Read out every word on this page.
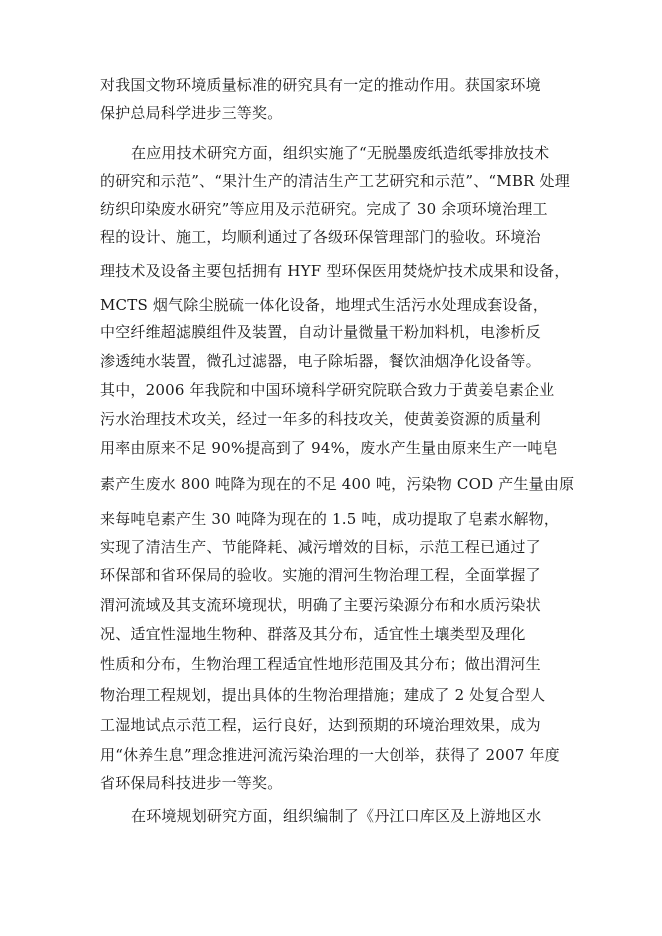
对我国文物环境质量标准的研究具有一定的推动作用。获国家环境
保护总局科学进步三等奖。
在应用技术研究方面，组织实施了“无脱墨废纸造纸零排放技术
的研究和示范”、“果汁生产的清洁生产工艺研究和示范”、“MBR 处理
纺织印染废水研究”等应用及示范研究。完成了 30 余项环境治理工
程的设计、施工，均顺利通过了各级环保管理部门的验收。环境治
理技术及设备主要包括拥有 HYF 型环保医用焚烧炉技术成果和设备，
MCTS 烟气除尘脱硫一体化设备，地埋式生活污水处理成套设备，
中空纤维超滤膜组件及装置，自动计量微量干粉加料机，电渗析反
渗透纯水装置，微孔过滤器，电子除垢器，餐饮油烟净化设备等。
其中，2006 年我院和中国环境科学研究院联合致力于黄姜皂素企业
污水治理技术攻关，经过一年多的科技攻关，使黄姜资源的质量利
用率由原来不足 90%提高到了 94%，废水产生量由原来生产一吨皂
素产生废水 800 吨降为现在的不足 400 吨，污染物 COD 产生量由原
来每吨皂素产生 30 吨降为现在的 1.5 吨，成功提取了皂素水解物，
实现了清洁生产、节能降耗、减污增效的目标，示范工程已通过了
环保部和省环保局的验收。实施的渭河生物治理工程，全面掌握了
渭河流域及其支流环境现状，明确了主要污染源分布和水质污染状
况、适宜性湿地生物种、群落及其分布，适宜性土壤类型及理化
性质和分布，生物治理工程适宜性地形范围及其分布；做出渭河生
物治理工程规划，提出具体的生物治理措施；建成了 2 处复合型人
工湿地试点示范工程，运行良好，达到预期的环境治理效果，成为
用“休养生息”理念推进河流污染治理的一大创举，获得了 2007 年度
省环保局科技进步一等奖。
在环境规划研究方面，组织编制了《丹江口库区及上游地区水
